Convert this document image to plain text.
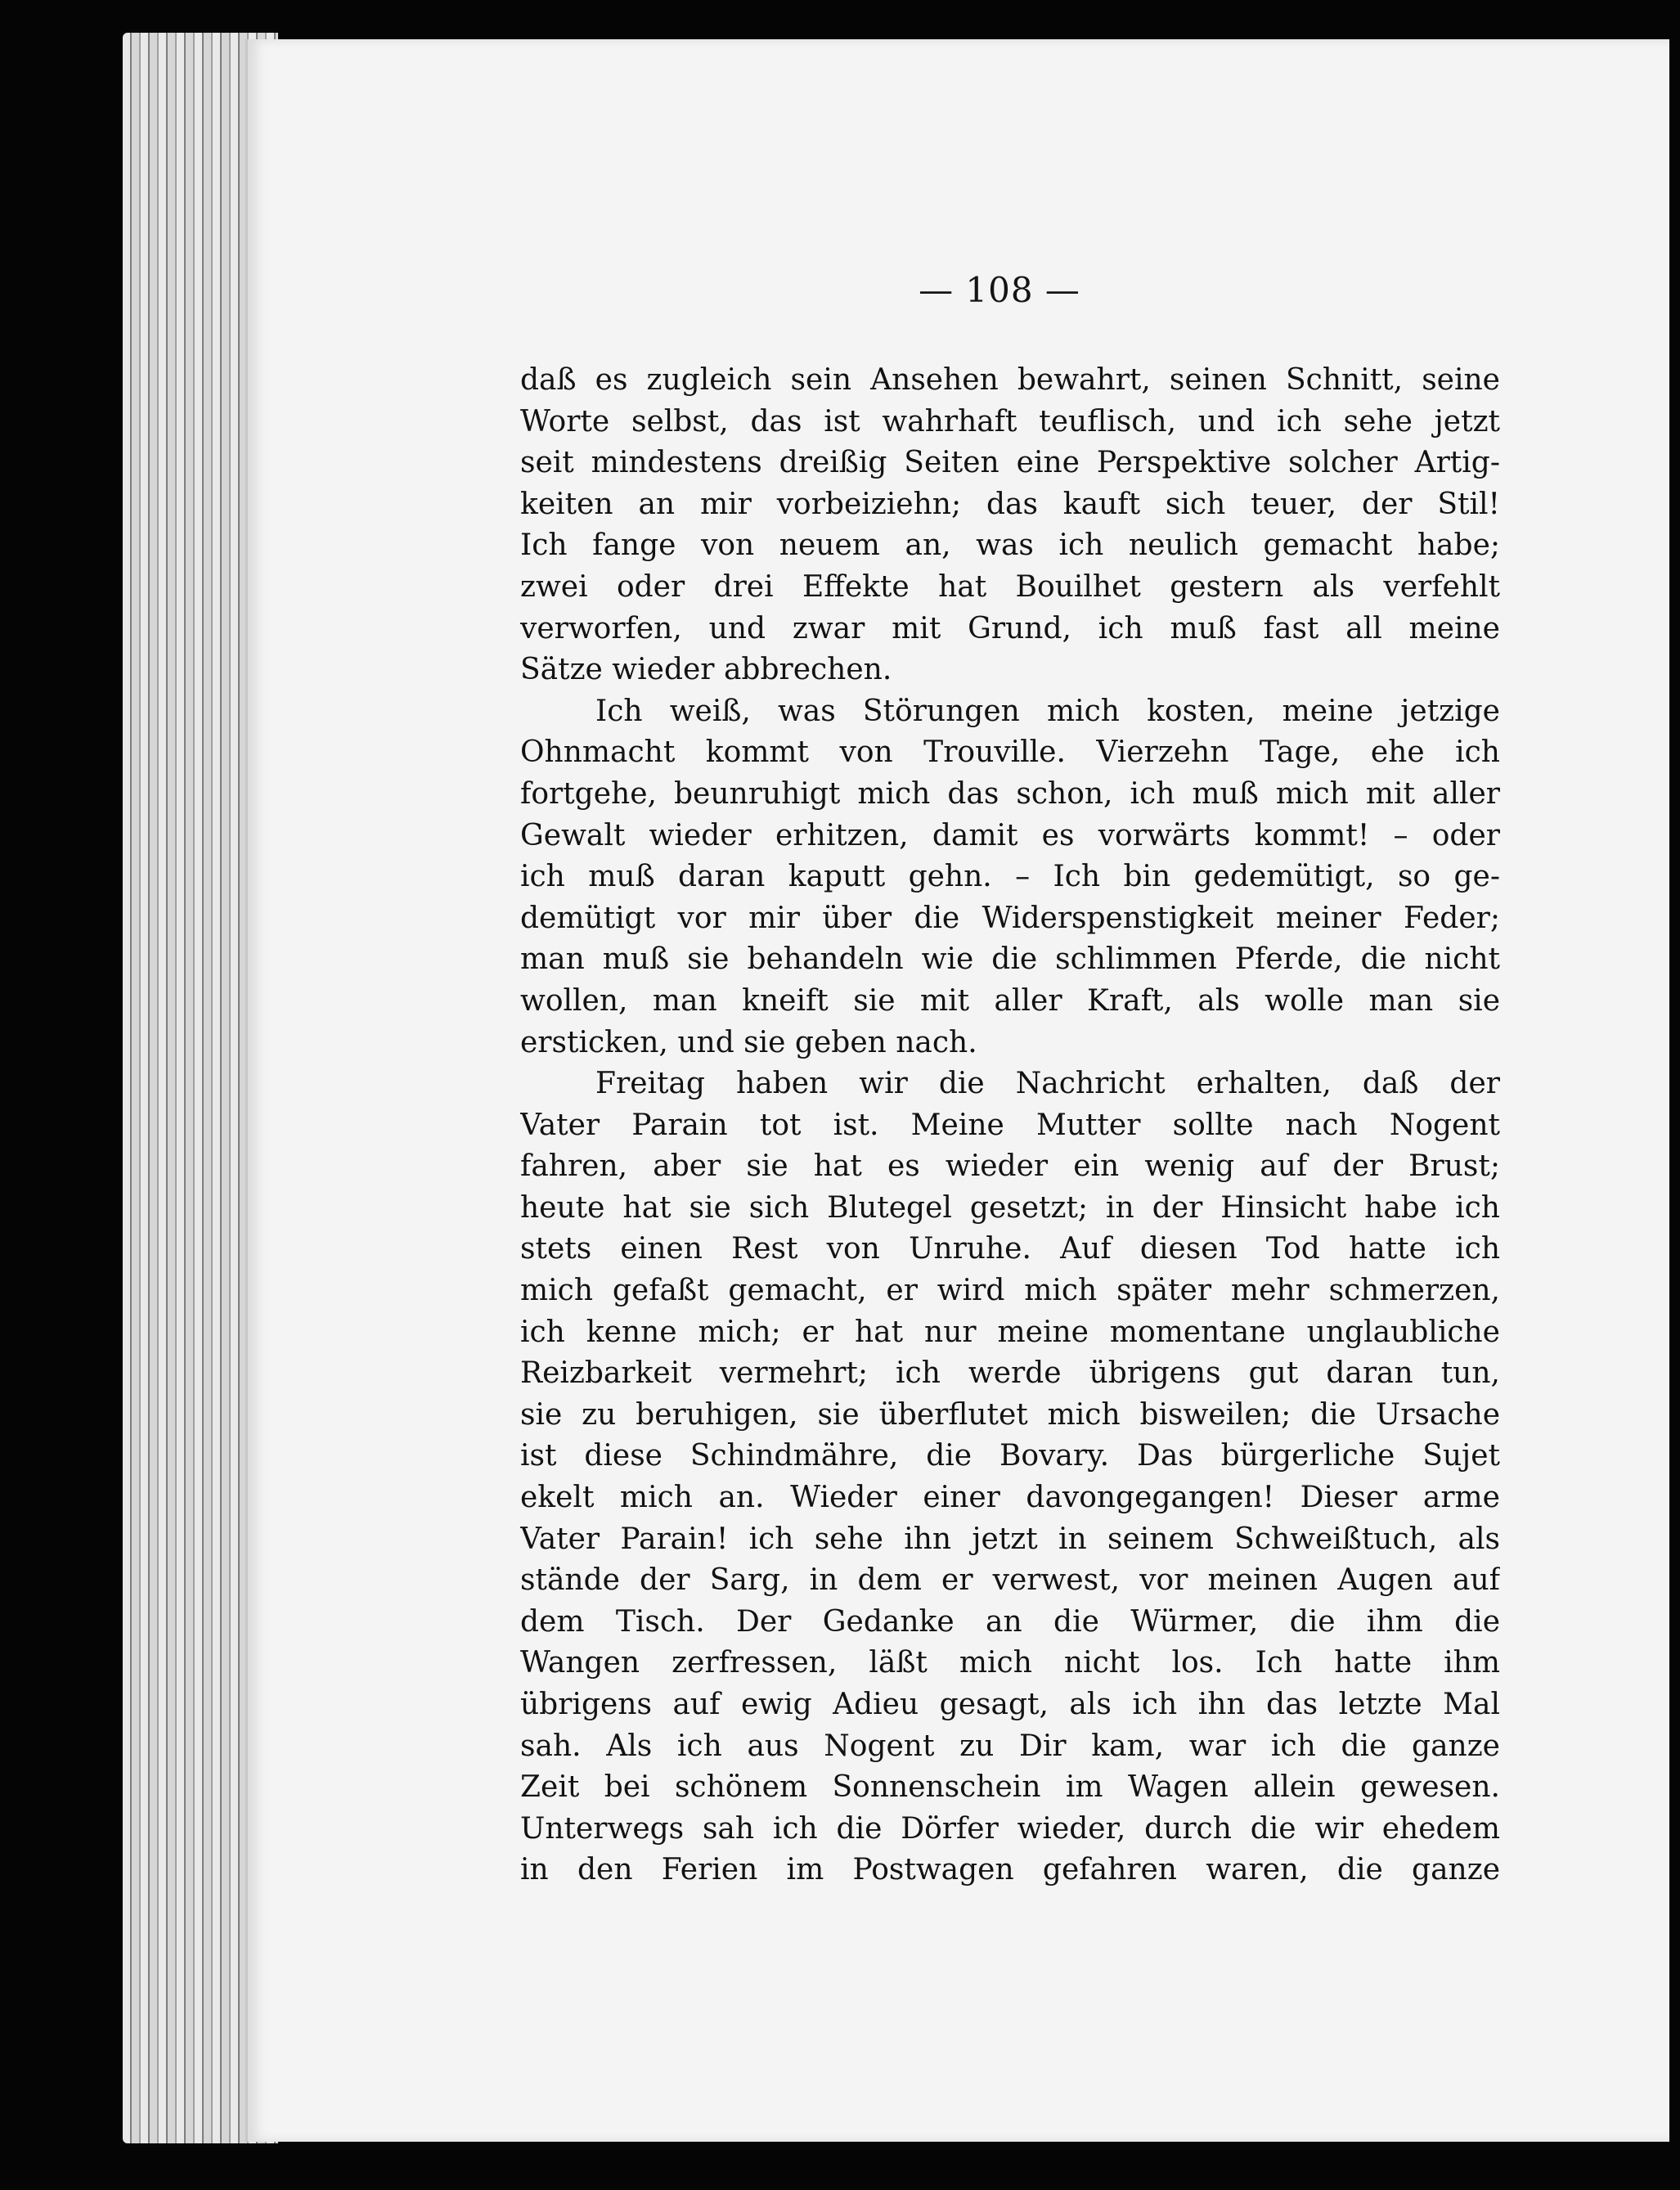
— 108 —

daß es zugleich sein Ansehen bewahrt, seinen Schnitt, seine
Worte selbst, das ist wahrhaft teuflisch, und ich sehe jetzt
seit mindestens dreißig Seiten eine Perspektive solcher Artig-
keiten an mir vorbeiziehn; das kauft sich teuer, der Stil!
Ich fange von neuem an, was ich neulich gemacht habe;
zwei oder drei Effekte hat Bouilhet gestern als verfehlt
verworfen, und zwar mit Grund, ich muß fast all meine
Sätze wieder abbrechen.

Ich weiß, was Störungen mich kosten, meine jetzige
Ohnmacht kommt von Trouville. Vierzehn Tage, ehe ich
fortgehe, beunruhigt mich das schon, ich muß mich mit aller
Gewalt wieder erhitzen, damit es vorwärts kommt! – oder
ich muß daran kaputt gehn. – Ich bin gedemütigt, so ge-
demütigt vor mir über die Widerspenstigkeit meiner Feder;
man muß sie behandeln wie die schlimmen Pferde, die nicht
wollen, man kneift sie mit aller Kraft, als wolle man sie
ersticken, und sie geben nach.

Freitag haben wir die Nachricht erhalten, daß der
Vater Parain tot ist. Meine Mutter sollte nach Nogent
fahren, aber sie hat es wieder ein wenig auf der Brust;
heute hat sie sich Blutegel gesetzt; in der Hinsicht habe ich
stets einen Rest von Unruhe. Auf diesen Tod hatte ich
mich gefaßt gemacht, er wird mich später mehr schmerzen,
ich kenne mich; er hat nur meine momentane unglaubliche
Reizbarkeit vermehrt; ich werde übrigens gut daran tun,
sie zu beruhigen, sie überflutet mich bisweilen; die Ursache
ist diese Schindmähre, die Bovary. Das bürgerliche Sujet
ekelt mich an. Wieder einer davongegangen! Dieser arme
Vater Parain! ich sehe ihn jetzt in seinem Schweißtuch, als
stände der Sarg, in dem er verwest, vor meinen Augen auf
dem Tisch. Der Gedanke an die Würmer, die ihm die
Wangen zerfressen, läßt mich nicht los. Ich hatte ihm
übrigens auf ewig Adieu gesagt, als ich ihn das letzte Mal
sah. Als ich aus Nogent zu Dir kam, war ich die ganze
Zeit bei schönem Sonnenschein im Wagen allein gewesen.
Unterwegs sah ich die Dörfer wieder, durch die wir ehedem
in den Ferien im Postwagen gefahren waren, die ganze
